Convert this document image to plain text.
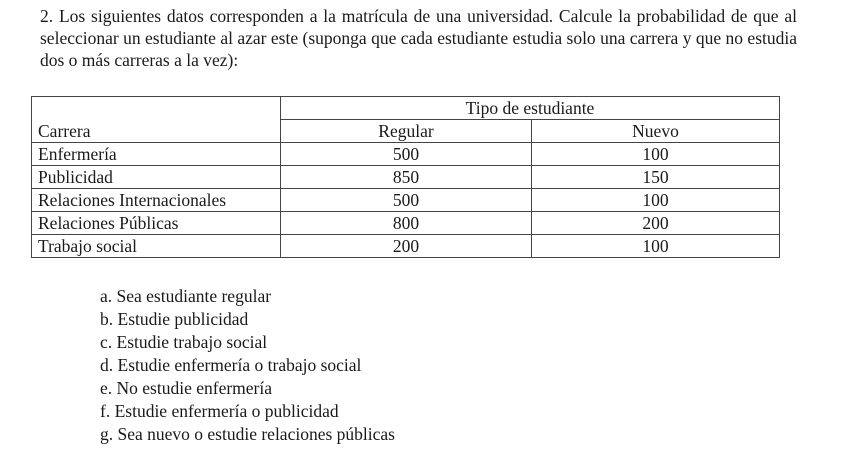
2. Los siguientes datos corresponden a la matrícula de una universidad. Calcule la probabilidad de que al seleccionar un estudiante al azar este (suponga que cada estudiante estudia solo una carrera y que no estudia dos o más carreras a la vez):

Carrera	Tipo de estudiante	
	Regular	Nuevo
Enfermería	500	100
Publicidad	850	150
Relaciones Internacionales	500	100
Relaciones Públicas	800	200
Trabajo social	200	100
a. Sea estudiante regular
b. Estudie publicidad
c. Estudie trabajo social
d. Estudie enfermería o trabajo social
e. No estudie enfermería
f. Estudie enfermería o publicidad
g. Sea nuevo o estudie relaciones públicas
